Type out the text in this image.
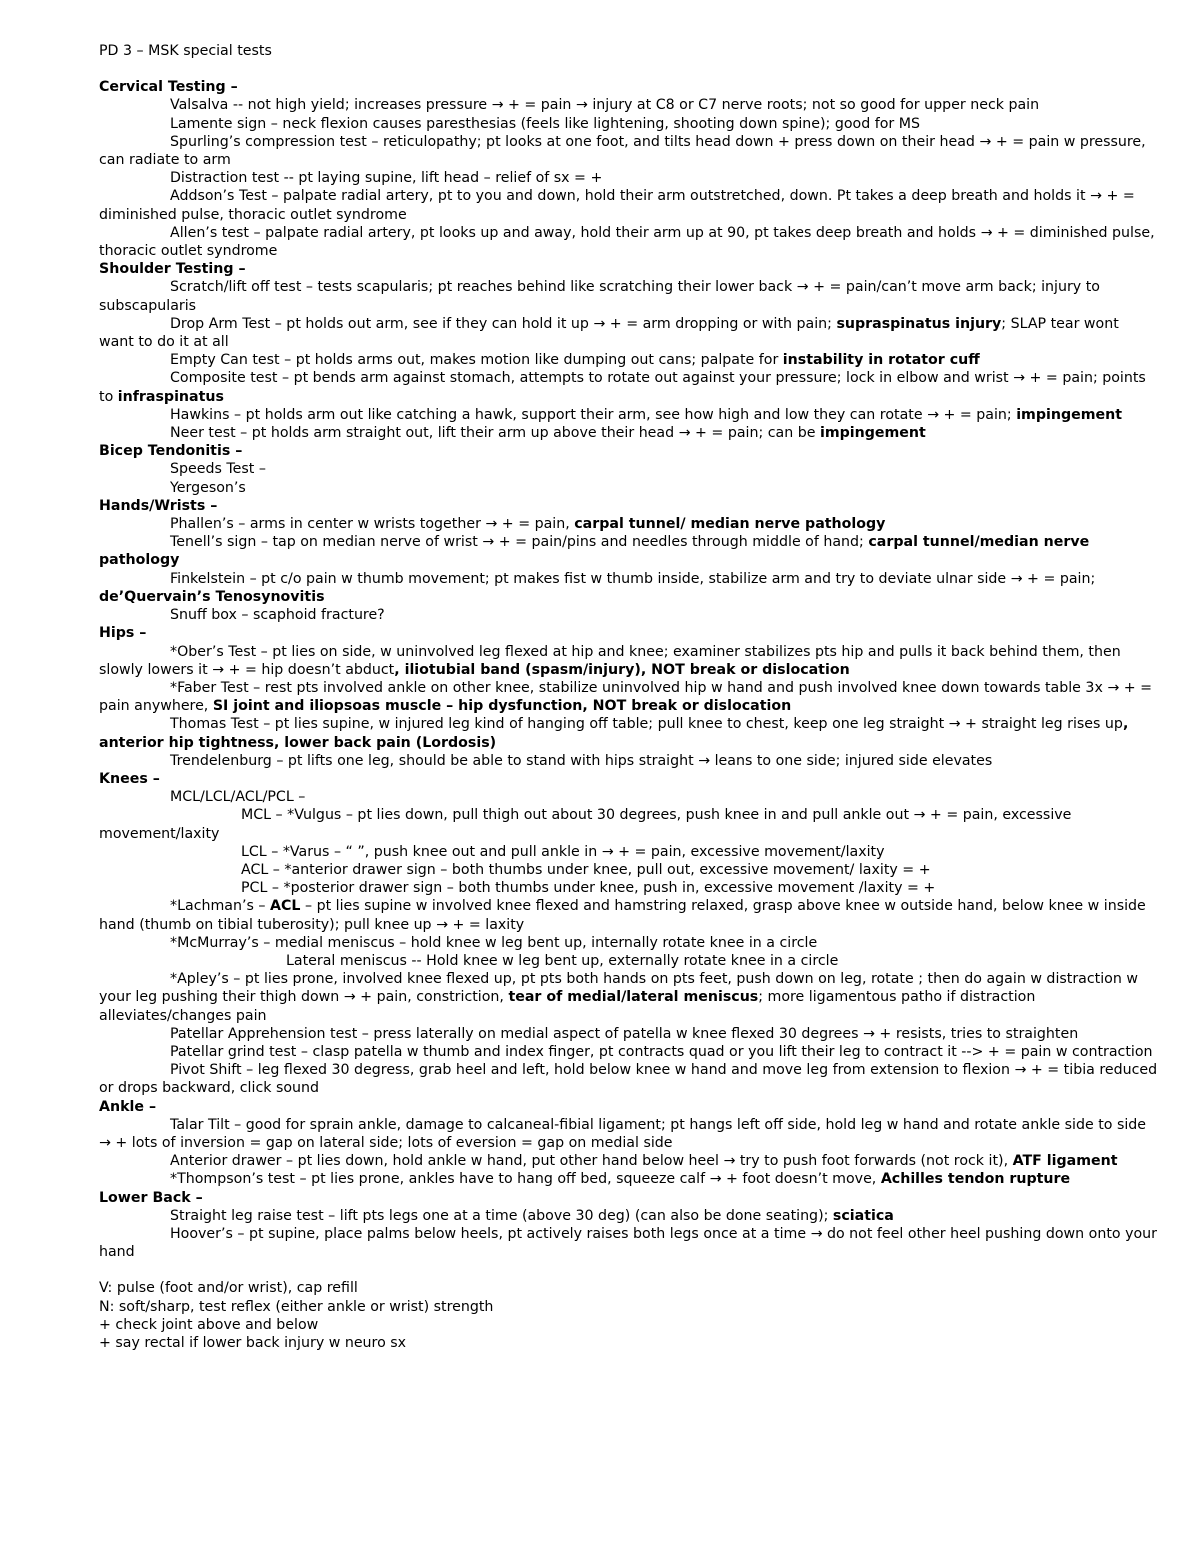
PD 3 – MSK special tests

Cervical Testing –

Valsalva -- not high yield; increases pressure → + = pain → injury at C8 or C7 nerve roots; not so good for upper neck pain

Lamente sign – neck flexion causes paresthesias (feels like lightening, shooting down spine); good for MS

Spurling’s compression test – reticulopathy; pt looks at one foot, and tilts head down + press down on their head → + = pain w pressure, can radiate to arm

Distraction test -- pt laying supine, lift head – relief of sx = +

Addson’s Test – palpate radial artery, pt to you and down, hold their arm outstretched, down. Pt takes a deep breath and holds it → + = diminished pulse, thoracic outlet syndrome

Allen’s test – palpate radial artery, pt looks up and away, hold their arm up at 90, pt takes deep breath and holds → + = diminished pulse, thoracic outlet syndrome

Shoulder Testing –

Scratch/lift off test – tests scapularis; pt reaches behind like scratching their lower back → + = pain/can’t move arm back; injury to subscapularis

Drop Arm Test – pt holds out arm, see if they can hold it up → + = arm dropping or with pain; supraspinatus injury; SLAP tear wont want to do it at all

Empty Can test – pt holds arms out, makes motion like dumping out cans; palpate for instability in rotator cuff

Composite test – pt bends arm against stomach, attempts to rotate out against your pressure; lock in elbow and wrist → + = pain; points to infraspinatus

Hawkins – pt holds arm out like catching a hawk, support their arm, see how high and low they can rotate → + = pain; impingement

Neer test – pt holds arm straight out, lift their arm up above their head → + = pain; can be impingement

Bicep Tendonitis –

Speeds Test –

Yergeson’s

Hands/Wrists –

Phallen’s – arms in center w wrists together → + = pain, carpal tunnel/ median nerve pathology

Tenell’s sign – tap on median nerve of wrist → + = pain/pins and needles through middle of hand; carpal tunnel/median nerve pathology

Finkelstein – pt c/o pain w thumb movement; pt makes fist w thumb inside, stabilize arm and try to deviate ulnar side → + = pain; de’Quervain’s Tenosynovitis

Snuff box – scaphoid fracture?

Hips –

*Ober’s Test – pt lies on side, w uninvolved leg flexed at hip and knee; examiner stabilizes pts hip and pulls it back behind them, then slowly lowers it → + = hip doesn’t abduct, iliotubial band (spasm/injury), NOT break or dislocation

*Faber Test – rest pts involved ankle on other knee, stabilize uninvolved hip w hand and push involved knee down towards table 3x → + = pain anywhere, SI joint and iliopsoas muscle – hip dysfunction, NOT break or dislocation

Thomas Test – pt lies supine, w injured leg kind of hanging off table; pull knee to chest, keep one leg straight → + straight leg rises up, anterior hip tightness, lower back pain (Lordosis)

Trendelenburg – pt lifts one leg, should be able to stand with hips straight → leans to one side; injured side elevates

Knees –

MCL/LCL/ACL/PCL –

MCL – *Vulgus – pt lies down, pull thigh out about 30 degrees, push knee in and pull ankle out → + = pain, excessive movement/laxity

LCL – *Varus – “ ”, push knee out and pull ankle in → + = pain, excessive movement/laxity

ACL – *anterior drawer sign – both thumbs under knee, pull out, excessive movement/ laxity = +

PCL – *posterior drawer sign – both thumbs under knee, push in, excessive movement /laxity = +

*Lachman’s – ACL – pt lies supine w involved knee flexed and hamstring relaxed, grasp above knee w outside hand, below knee w inside hand (thumb on tibial tuberosity); pull knee up → + = laxity

*McMurray’s – medial meniscus – hold knee w leg bent up, internally rotate knee in a circle

Lateral meniscus -- Hold knee w leg bent up, externally rotate knee in a circle

*Apley’s – pt lies prone, involved knee flexed up, pt pts both hands on pts feet, push down on leg, rotate ; then do again w distraction w your leg pushing their thigh down → + pain, constriction, tear of medial/lateral meniscus; more ligamentous patho if distraction alleviates/changes pain

Patellar Apprehension test – press laterally on medial aspect of patella w knee flexed 30 degrees → + resists, tries to straighten

Patellar grind test – clasp patella w thumb and index finger, pt contracts quad or you lift their leg to contract it --> + = pain w contraction

Pivot Shift – leg flexed 30 degress, grab heel and left, hold below knee w hand and move leg from extension to flexion → + = tibia reduced or drops backward, click sound

Ankle –

Talar Tilt – good for sprain ankle, damage to calcaneal-fibial ligament; pt hangs left off side, hold leg w hand and rotate ankle side to side → + lots of inversion = gap on lateral side; lots of eversion = gap on medial side

Anterior drawer – pt lies down, hold ankle w hand, put other hand below heel → try to push foot forwards (not rock it), ATF ligament

*Thompson’s test – pt lies prone, ankles have to hang off bed, squeeze calf → + foot doesn’t move, Achilles tendon rupture

Lower Back –

Straight leg raise test – lift pts legs one at a time (above 30 deg) (can also be done seating); sciatica

Hoover’s – pt supine, place palms below heels, pt actively raises both legs once at a time → do not feel other heel pushing down onto your hand

V: pulse (foot and/or wrist), cap refill

N: soft/sharp, test reflex (either ankle or wrist) strength

+ check joint above and below

+ say rectal if lower back injury w neuro sx
